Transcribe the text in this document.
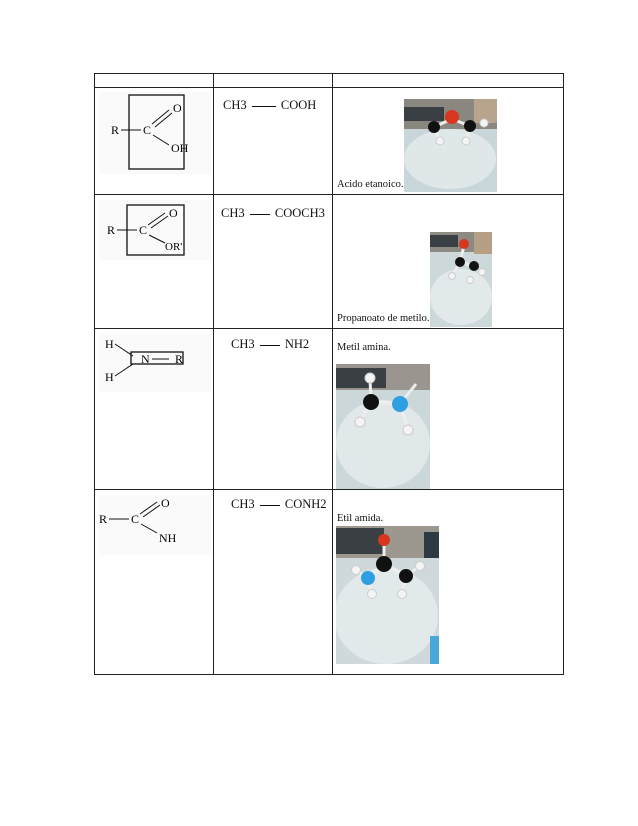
R C
O
OH
CH3	COOH
Acido etanoico.
R C
O
OR'
CH3 COOCH3
Propanoato de metilo.
H
N R
H
CH3 NH2	Metil amina.
R C
O
NH
CH3 CONH2
Etil amida.
